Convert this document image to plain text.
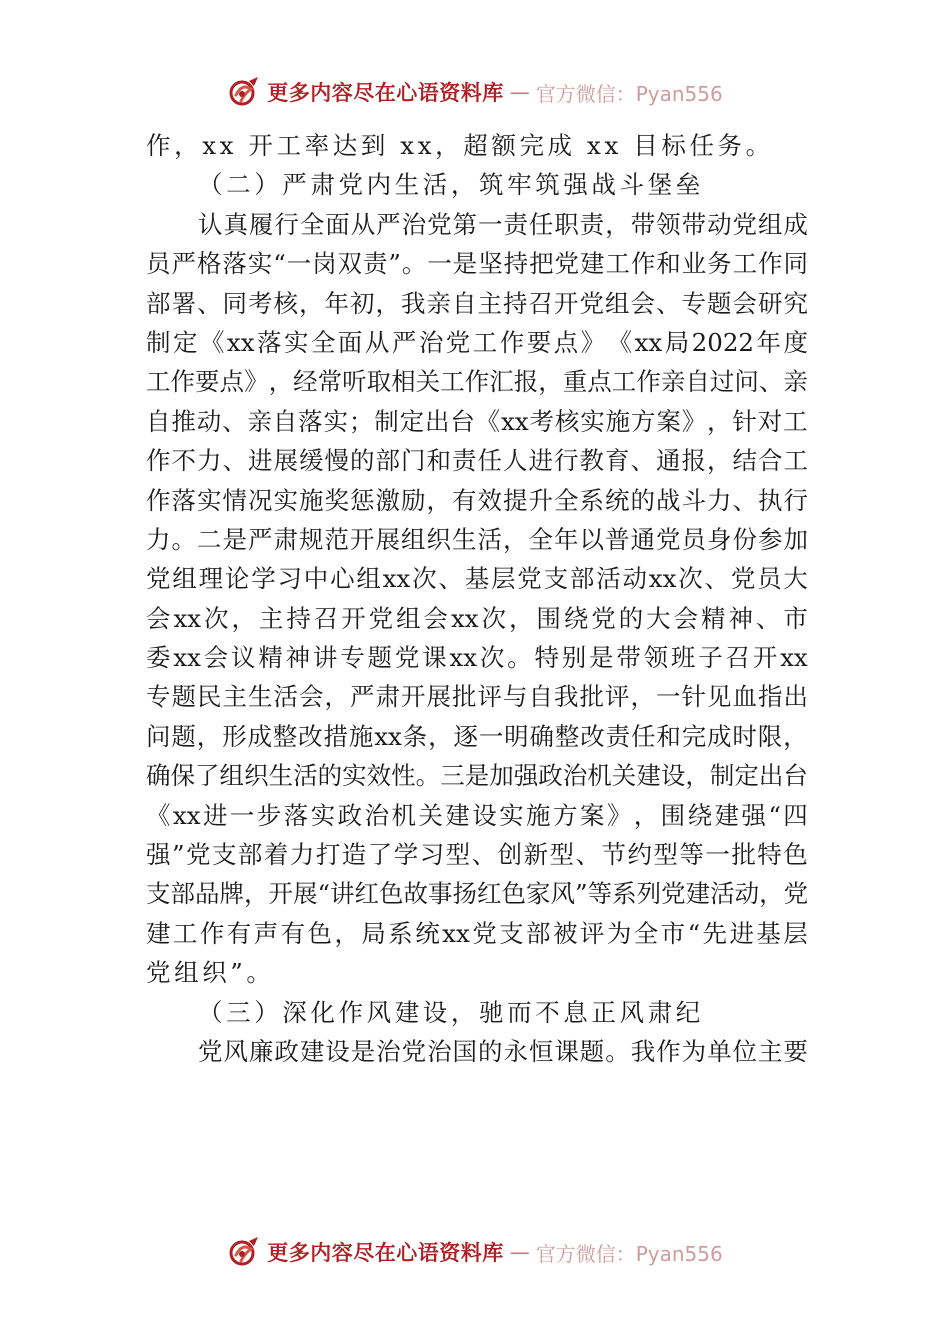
更多内容尽在心语资料库 — 官方微信：Pyan556
作，xx 开工率达到 xx，超额完成 xx 目标任务。
（二）严肃党内生活，筑牢筑强战斗堡垒
认 真 履 行 全 面 从 严 治 党 第 一 责 任 职 责 ， 带 领 带 动 党 组 成
员 严 格 落 实 “ 一 岗 双 责 ” 。 一 是 坚 持 把 党 建 工 作 和 业 务 工 作 同
部 署 、 同 考 核 ， 年 初 ， 我 亲 自 主 持 召 开 党 组 会 、 专 题 会 研 究
制 定 《 xx 落 实 全 面 从 严 治 党 工 作 要 点 》 《 xx 局 2022 年 度
工 作 要 点 》 ， 经 常 听 取 相 关 工 作 汇 报 ， 重 点 工 作 亲 自 过 问 、 亲
自 推 动 、 亲 自 落 实 ； 制 定 出 台 《 xx 考 核 实 施 方 案 》 ， 针 对 工
作 不 力 、 进 展 缓 慢 的 部 门 和 责 任 人 进 行 教 育 、 通 报 ， 结 合 工
作 落 实 情 况 实 施 奖 惩 激 励 ， 有 效 提 升 全 系 统 的 战 斗 力 、 执 行
力 。 二 是 严 肃 规 范 开 展 组 织 生 活 ， 全 年 以 普 通 党 员 身 份 参 加
党 组 理 论 学 习 中 心 组 xx 次 、 基 层 党 支 部 活 动 xx 次 、 党 员 大
会 xx 次 ， 主 持 召 开 党 组 会 xx 次 ， 围 绕 党 的 大 会 精 神 、 市
委 xx 会 议 精 神 讲 专 题 党 课 xx 次 。 特 别 是 带 领 班 子 召 开 xx
专 题 民 主 生 活 会 ， 严 肃 开 展 批 评 与 自 我 批 评 ， 一 针 见 血 指 出
问 题 ， 形 成 整 改 措 施 xx 条 ， 逐 一 明 确 整 改 责 任 和 完 成 时 限 ，
确 保 了 组 织 生 活 的 实 效 性 。 三 是 加 强 政 治 机 关 建 设 ， 制 定 出 台
《 xx 进 一 步 落 实 政 治 机 关 建 设 实 施 方 案 》 ， 围 绕 建 强 “ 四
强 ” 党 支 部 着 力 打 造 了 学 习 型 、 创 新 型 、 节 约 型 等 一 批 特 色
支 部 品 牌 ， 开 展 “ 讲 红 色 故 事 扬 红 色 家 风 ” 等 系 列 党 建 活 动 ， 党
建 工 作 有 声 有 色 ， 局 系 统 xx 党 支 部 被 评 为 全 市 “ 先 进 基 层
党组织”。
（三）深化作风建设，驰而不息正风肃纪
党 风 廉 政 建 设 是 治 党 治 国 的 永 恒 课 题 。 我 作 为 单 位 主 要
更多内容尽在心语资料库 — 官方微信：Pyan556
